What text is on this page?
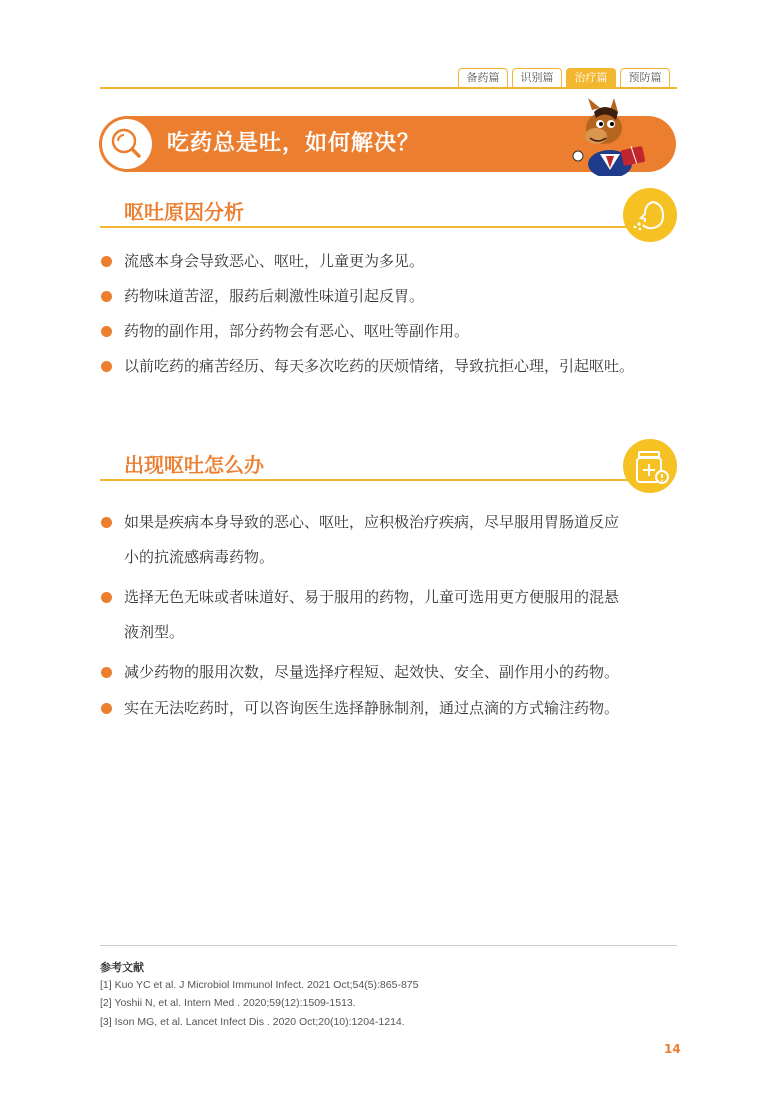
备药篇	识别篇	治疗篇	预防篇
吃药总是吐，如何解决？
呕吐原因分析
流感本身会导致恶心、呕吐，儿童更为多见。
药物味道苦涩，服药后刺激性味道引起反胃。
药物的副作用，部分药物会有恶心、呕吐等副作用。
以前吃药的痛苦经历、每天多次吃药的厌烦情绪，导致抗拒心理，引起呕吐。
出现呕吐怎么办
如果是疾病本身导致的恶心、呕吐，应积极治疗疾病，尽早服用胃肠道反应
小的抗流感病毒药物。
选择无色无味或者味道好、易于服用的药物，儿童可选用更方便服用的混悬
液剂型。
减少药物的服用次数，尽量选择疗程短、起效快、安全、副作用小的药物。
实在无法吃药时，可以咨询医生选择静脉制剂，通过点滴的方式输注药物。
参考文献
[1] Kuo YC et al. J Microbiol Immunol Infect. 2021 Oct;54(5):865-875
[2] Yoshii N, et al. Intern Med . 2020;59(12):1509-1513.
[3] Ison MG, et al. Lancet Infect Dis . 2020 Oct;20(10):1204-1214.
14
